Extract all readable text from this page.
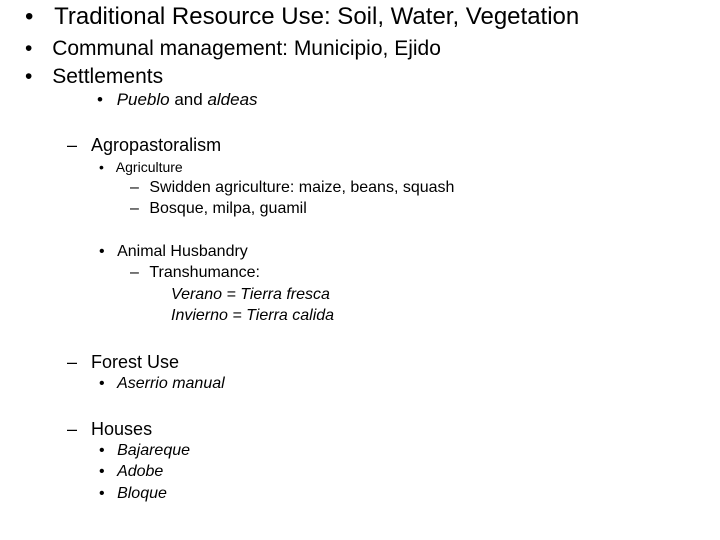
• Traditional Resource Use: Soil, Water, Vegetation
• Communal management: Municipio, Ejido
• Settlements
• Pueblo and aldeas
– Agropastoralism
• Agriculture
– Swidden agriculture: maize, beans, squash
– Bosque, milpa, guamil
• Animal Husbandry
– Transhumance:
Verano = Tierra fresca
Invierno = Tierra calida
– Forest Use
• Aserrio manual
– Houses
• Bajareque
• Adobe
• Bloque
